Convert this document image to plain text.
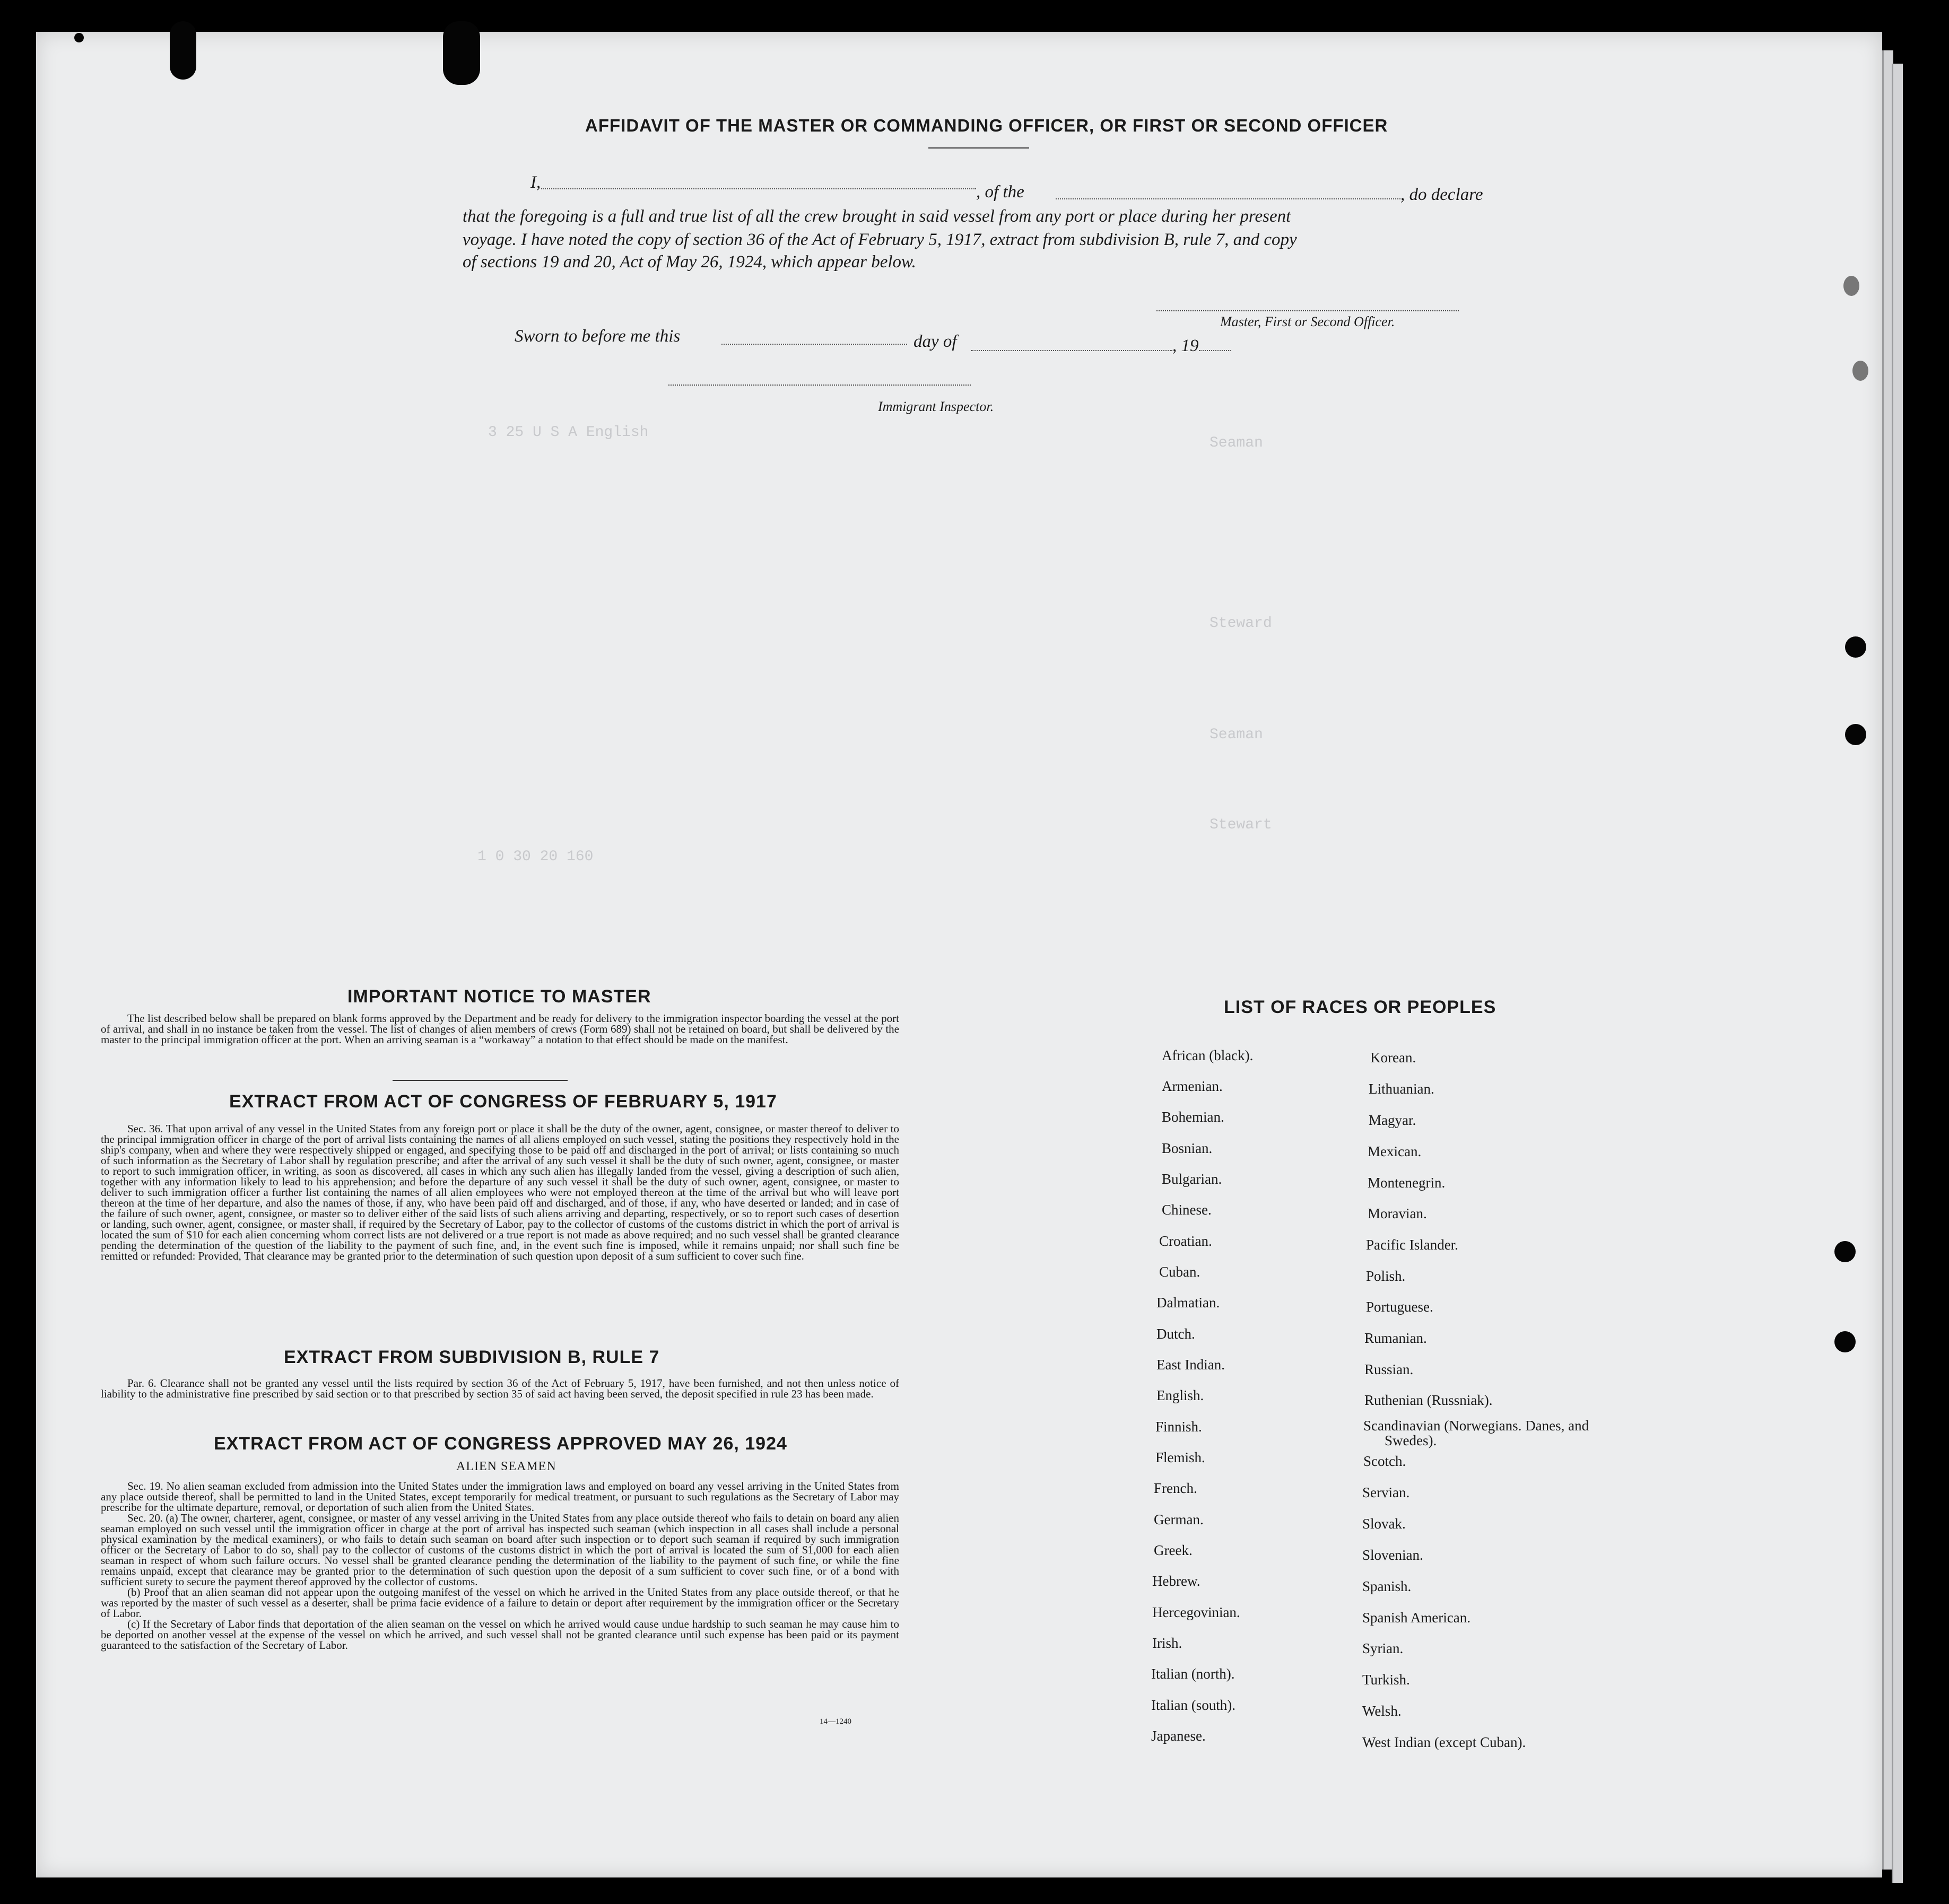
3 25 U S A English
Seaman
Steward
Seaman
Stewart
1 0 30 20 160
AFFIDAVIT OF THE MASTER OR COMMANDING OFFICER, OR FIRST OR SECOND OFFICER
I,	, of the	, do declare
that the foregoing is a full and true list of all the crew brought in said vessel from any port or place during her present
voyage. I have noted the copy of section 36 of the Act of February 5, 1917, extract from subdivision B, rule 7, and copy
of sections 19 and 20, Act of May 26, 1924, which appear below.
Master, First or Second Officer.
Sworn to before me this	day of	, 19
Immigrant Inspector.
IMPORTANT NOTICE TO MASTER

The list described below shall be prepared on blank forms approved by the Department and be ready for delivery to the immigration inspector boarding the vessel at the port of arrival, and shall in no instance be taken from the vessel. The list of changes of alien members of crews (Form 689) shall not be retained on board, but shall be delivered by the master to the principal immigration officer at the port. When an arriving seaman is a “workaway” a notation to that effect should be made on the manifest.

EXTRACT FROM ACT OF CONGRESS OF FEBRUARY 5, 1917

Sec. 36. That upon arrival of any vessel in the United States from any foreign port or place it shall be the duty of the owner, agent, consignee, or master thereof to deliver to the principal immigration officer in charge of the port of arrival lists containing the names of all aliens employed on such vessel, stating the positions they respectively hold in the ship's company, when and where they were respectively shipped or engaged, and specifying those to be paid off and discharged in the port of arrival; or lists containing so much of such information as the Secretary of Labor shall by regulation prescribe; and after the arrival of any such vessel it shall be the duty of such owner, agent, consignee, or master to report to such immigration officer, in writing, as soon as discovered, all cases in which any such alien has illegally landed from the vessel, giving a description of such alien, together with any information likely to lead to his apprehension; and before the departure of any such vessel it shall be the duty of such owner, agent, consignee, or master to deliver to such immigration officer a further list containing the names of all alien employees who were not employed thereon at the time of the arrival but who will leave port thereon at the time of her departure, and also the names of those, if any, who have been paid off and discharged, and of those, if any, who have deserted or landed; and in case of the failure of such owner, agent, consignee, or master so to deliver either of the said lists of such aliens arriving and departing, respectively, or so to report such cases of desertion or landing, such owner, agent, consignee, or master shall, if required by the Secretary of Labor, pay to the collector of customs of the customs district in which the port of arrival is located the sum of $10 for each alien concerning whom correct lists are not delivered or a true report is not made as above required; and no such vessel shall be granted clearance pending the determination of the question of the liability to the payment of such fine, and, in the event such fine is imposed, while it remains unpaid; nor shall such fine be remitted or refunded: Provided, That clearance may be granted prior to the determination of such question upon deposit of a sum sufficient to cover such fine.

EXTRACT FROM SUBDIVISION B, RULE 7

Par. 6. Clearance shall not be granted any vessel until the lists required by section 36 of the Act of February 5, 1917, have been furnished, and not then unless notice of liability to the administrative fine prescribed by said section or to that prescribed by section 35 of said act having been served, the deposit specified in rule 23 has been made.

EXTRACT FROM ACT OF CONGRESS APPROVED MAY 26, 1924
ALIEN SEAMEN

Sec. 19. No alien seaman excluded from admission into the United States under the immigration laws and employed on board any vessel arriving in the United States from any place outside thereof, shall be permitted to land in the United States, except temporarily for medical treatment, or pursuant to such regulations as the Secretary of Labor may prescribe for the ultimate departure, removal, or deportation of such alien from the United States.

Sec. 20. (a) The owner, charterer, agent, consignee, or master of any vessel arriving in the United States from any place outside thereof who fails to detain on board any alien seaman employed on such vessel until the immigration officer in charge at the port of arrival has inspected such seaman (which inspection in all cases shall include a personal physical examination by the medical examiners), or who fails to detain such seaman on board after such inspection or to deport such seaman if required by such immigration officer or the Secretary of Labor to do so, shall pay to the collector of customs of the customs district in which the port of arrival is located the sum of $1,000 for each alien seaman in respect of whom such failure occurs. No vessel shall be granted clearance pending the determination of the liability to the payment of such fine, or while the fine remains unpaid, except that clearance may be granted prior to the determination of such question upon the deposit of a sum sufficient to cover such fine, or of a bond with sufficient surety to secure the payment thereof approved by the collector of customs.

(b) Proof that an alien seaman did not appear upon the outgoing manifest of the vessel on which he arrived in the United States from any place outside thereof, or that he was reported by the master of such vessel as a deserter, shall be prima facie evidence of a failure to detain or deport after requirement by the immigration officer or the Secretary of Labor.

(c) If the Secretary of Labor finds that deportation of the alien seaman on the vessel on which he arrived would cause undue hardship to such seaman he may cause him to be deported on another vessel at the expense of the vessel on which he arrived, and such vessel shall not be granted clearance until such expense has been paid or its payment guaranteed to the satisfaction of the Secretary of Labor.

14—1240
LIST OF RACES OR PEOPLES
African (black).
Armenian.
Bohemian.
Bosnian.
Bulgarian.
Chinese.
Croatian.
Cuban.
Dalmatian.
Dutch.
East Indian.
English.
Finnish.
Flemish.
French.
German.
Greek.
Hebrew.
Hercegovinian.
Irish.
Italian (north).
Italian (south).
Japanese.
Korean.
Lithuanian.
Magyar.
Mexican.
Montenegrin.
Moravian.
Pacific Islander.
Polish.
Portuguese.
Rumanian.
Russian.
Ruthenian (Russniak).
Scandinavian (Norwegians. Danes, and Swedes).
Scotch.
Servian.
Slovak.
Slovenian.
Spanish.
Spanish American.
Syrian.
Turkish.
Welsh.
West Indian (except Cuban).
